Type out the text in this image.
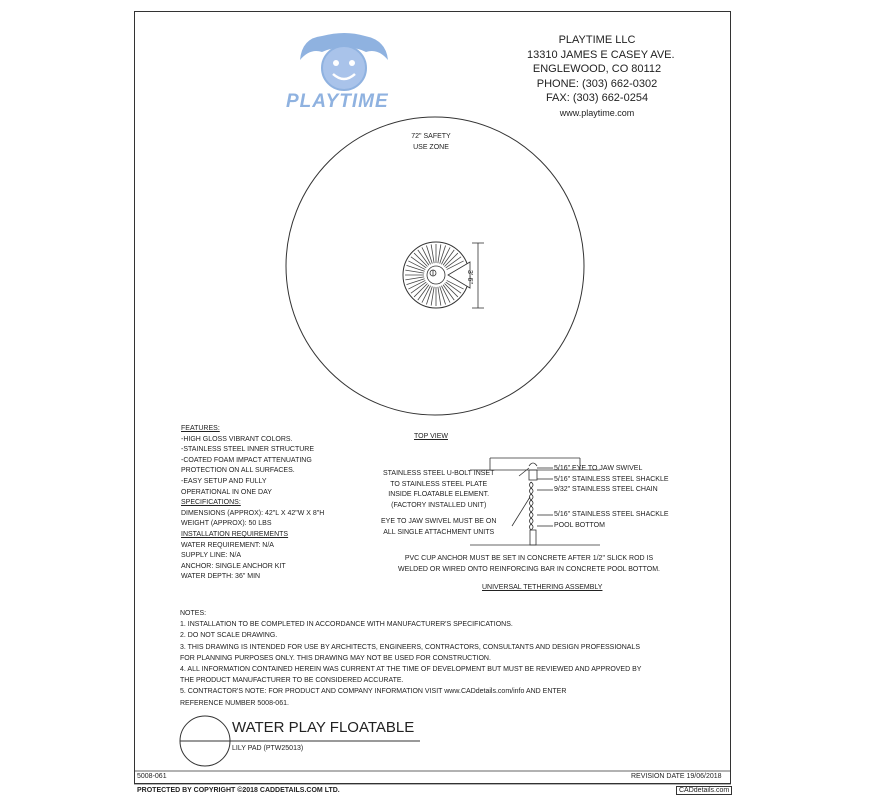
PLAYTIME
PLAYTIME LLC
13310 JAMES E CASEY AVE.
ENGLEWOOD, CO 80112
PHONE: (303) 662-0302
FAX: (303) 662-0254
www.playtime.com
72" SAFETY
USE ZONE
3'-6"
TOP VIEW
FEATURES:
-HIGH GLOSS VIBRANT COLORS.
-STAINLESS STEEL INNER STRUCTURE
-COATED FOAM IMPACT ATTENUATING
PROTECTION ON ALL SURFACES.
-EASY SETUP AND FULLY
OPERATIONAL IN ONE DAY
SPECIFICATIONS:
DIMENSIONS (APPROX): 42"L X 42"W X 8"H
WEIGHT (APPROX): 50 LBS
INSTALLATION REQUIREMENTS
WATER REQUIREMENT: N/A
SUPPLY LINE: N/A
ANCHOR: SINGLE ANCHOR KIT
WATER DEPTH: 36" MIN
STAINLESS STEEL U-BOLT INSET
TO STAINLESS STEEL PLATE
INSIDE FLOATABLE ELEMENT.
(FACTORY INSTALLED UNIT)
EYE TO JAW SWIVEL MUST BE ON
ALL SINGLE ATTACHMENT UNITS
5/16" EYE TO JAW SWIVEL
5/16" STAINLESS STEEL SHACKLE
9/32" STAINLESS STEEL CHAIN
5/16" STAINLESS STEEL SHACKLE
POOL BOTTOM
PVC CUP ANCHOR MUST BE SET IN CONCRETE AFTER 1/2" SLICK ROD IS
WELDED OR WIRED ONTO REINFORCING BAR IN CONCRETE POOL BOTTOM.
UNIVERSAL TETHERING ASSEMBLY
NOTES:
1. INSTALLATION TO BE COMPLETED IN ACCORDANCE WITH MANUFACTURER'S SPECIFICATIONS.
2. DO NOT SCALE DRAWING.
3. THIS DRAWING IS INTENDED FOR USE BY ARCHITECTS, ENGINEERS, CONTRACTORS, CONSULTANTS AND DESIGN PROFESSIONALS
FOR PLANNING PURPOSES ONLY. THIS DRAWING MAY NOT BE USED FOR CONSTRUCTION.
4. ALL INFORMATION CONTAINED HEREIN WAS CURRENT AT THE TIME OF DEVELOPMENT BUT MUST BE REVIEWED AND APPROVED BY
THE PRODUCT MANUFACTURER TO BE CONSIDERED ACCURATE.
5. CONTRACTOR'S NOTE: FOR PRODUCT AND COMPANY INFORMATION VISIT www.CADdetails.com/info AND ENTER
REFERENCE NUMBER 5008-061.
WATER PLAY FLOATABLE
LILY PAD (PTW25013)
5008-061	REVISION DATE 19/06/2018
PROTECTED BY COPYRIGHT ©2018 CADDETAILS.COM LTD.	CADdetails.com
